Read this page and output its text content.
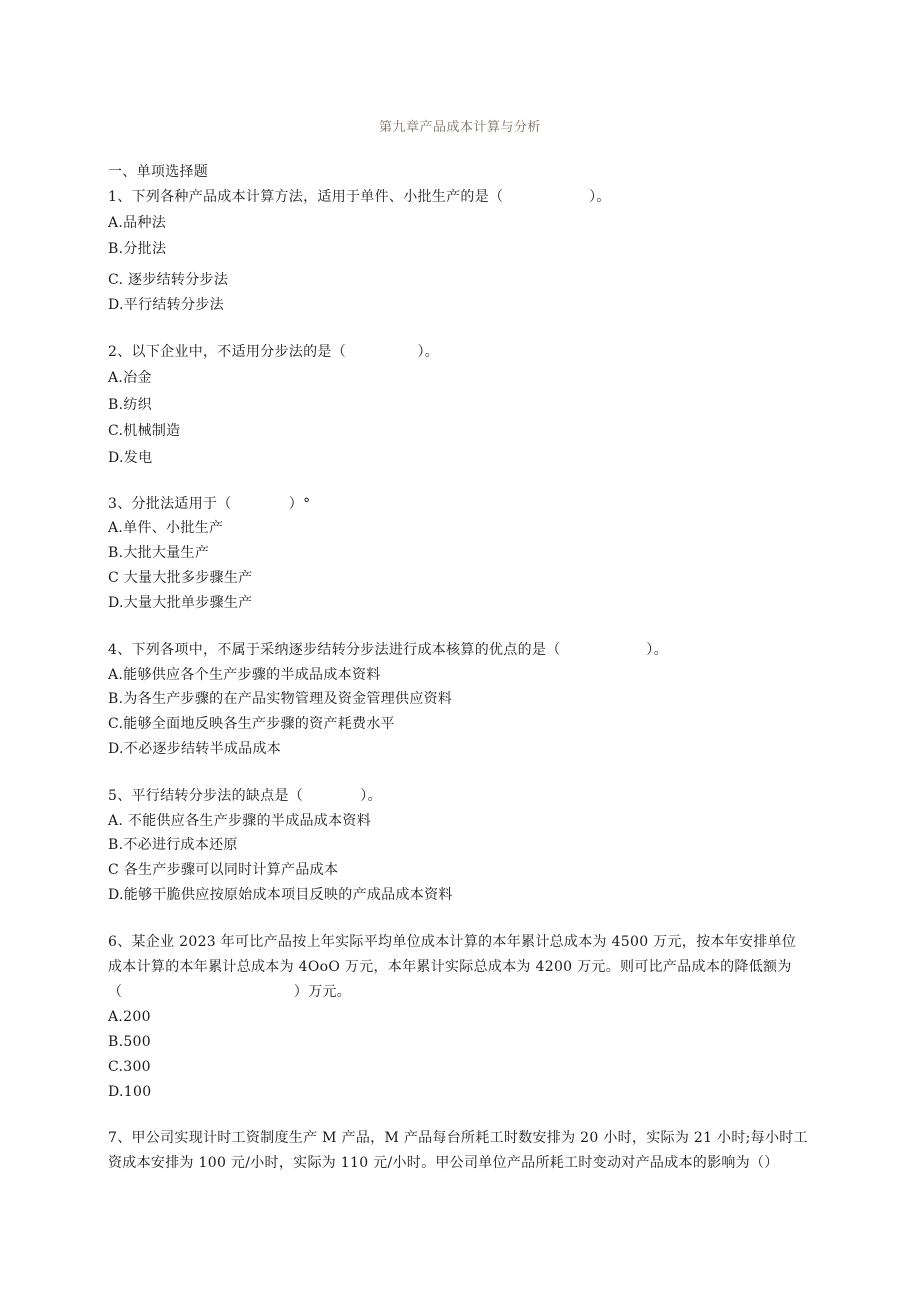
第九章产品成本计算与分析
一、单项选择题
1、下列各种产品成本计算方法，适用于单件、小批生产的是（　　　　　　）。
A.品种法
B.分批法
C. 逐步结转分步法
D.平行结转分步法
2、以下企业中，不适用分步法的是（　　　　　）。
A.冶金
B.纺织
C.机械制造
D.发电
3、分批法适用于（　　　　）°
A.单件、小批生产
B.大批大量生产
C 大量大批多步骤生产
D.大量大批单步骤生产
4、下列各项中，不属于采纳逐步结转分步法进行成本核算的优点的是（　　　　　　）。
A.能够供应各个生产步骤的半成品成本资料
B.为各生产步骤的在产品实物管理及资金管理供应资料
C.能够全面地反映各生产步骤的资产耗费水平
D.不必逐步结转半成品成本
5、平行结转分步法的缺点是（　　　　）。
A. 不能供应各生产步骤的半成品成本资料
B.不必进行成本还原
C 各生产步骤可以同时计算产品成本
D.能够干脆供应按原始成本项目反映的产成品成本资料
6、某企业 2023 年可比产品按上年实际平均单位成本计算的本年累计总成本为 4500 万元，按本年安排单位
成本计算的本年累计总成本为 4OoO 万元，本年累计实际总成本为 4200 万元。则可比产品成本的降低额为
（　　　　　　　　　　　　）万元。
A.200
B.500
C.300
D.100
7、甲公司实现计时工资制度生产 M 产品，M 产品每台所耗工时数安排为 20 小时，实际为 21 小时;每小时工
资成本安排为 100 元/小时，实际为 110 元/小时。甲公司单位产品所耗工时变动对产品成本的影响为（）
